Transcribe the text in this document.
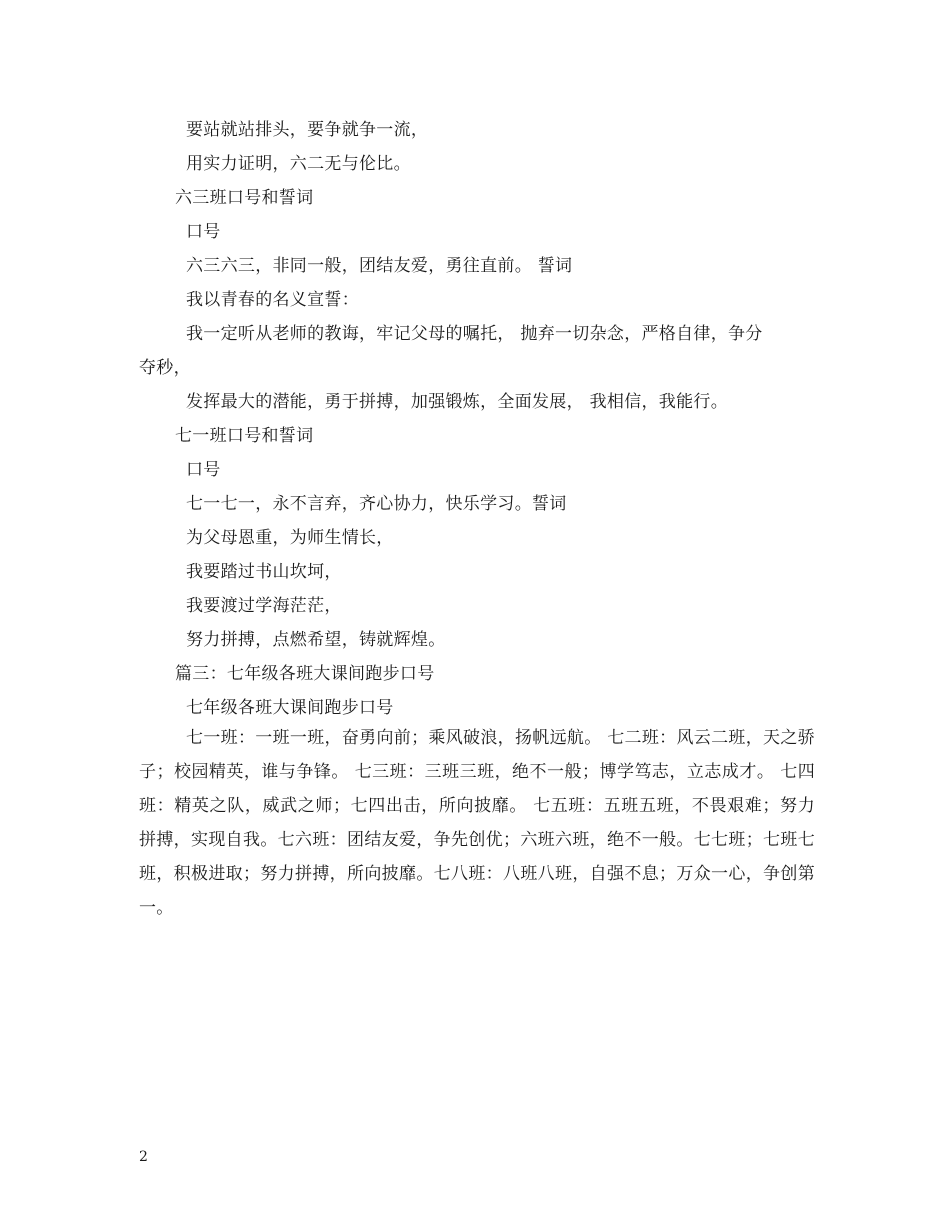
要站就站排头，要争就争一流，
用实力证明，六二无与伦比。
六三班口号和誓词
口号
六三六三，非同一般，团结友爱，勇往直前。 誓词
我以青春的名义宣誓：
我一定听从老师的教诲，牢记父母的嘱托， 抛弃一切杂念，严格自律，争分
夺秒，
发挥最大的潜能，勇于拼搏，加强锻炼，全面发展， 我相信，我能行。
七一班口号和誓词
口号
七一七一，永不言弃，齐心协力，快乐学习。誓词
为父母恩重，为师生情长，
我要踏过书山坎坷，
我要渡过学海茫茫，
努力拼搏，点燃希望，铸就辉煌。
篇三：七年级各班大课间跑步口号
七年级各班大课间跑步口号
七一班：一班一班，奋勇向前；乘风破浪，扬帆远航。 七二班：风云二班，天之骄子；校园精英，谁与争锋。 七三班：三班三班，绝不一般；博学笃志，立志成才。 七四班：精英之队，威武之师；七四出击，所向披靡。 七五班：五班五班，不畏艰难；努力拼搏，实现自我。七六班：团结友爱，争先创优；六班六班，绝不一般。七七班；七班七班，积极进取；努力拼搏，所向披靡。七八班：八班八班，自强不息；万众一心，争创第一。
2
